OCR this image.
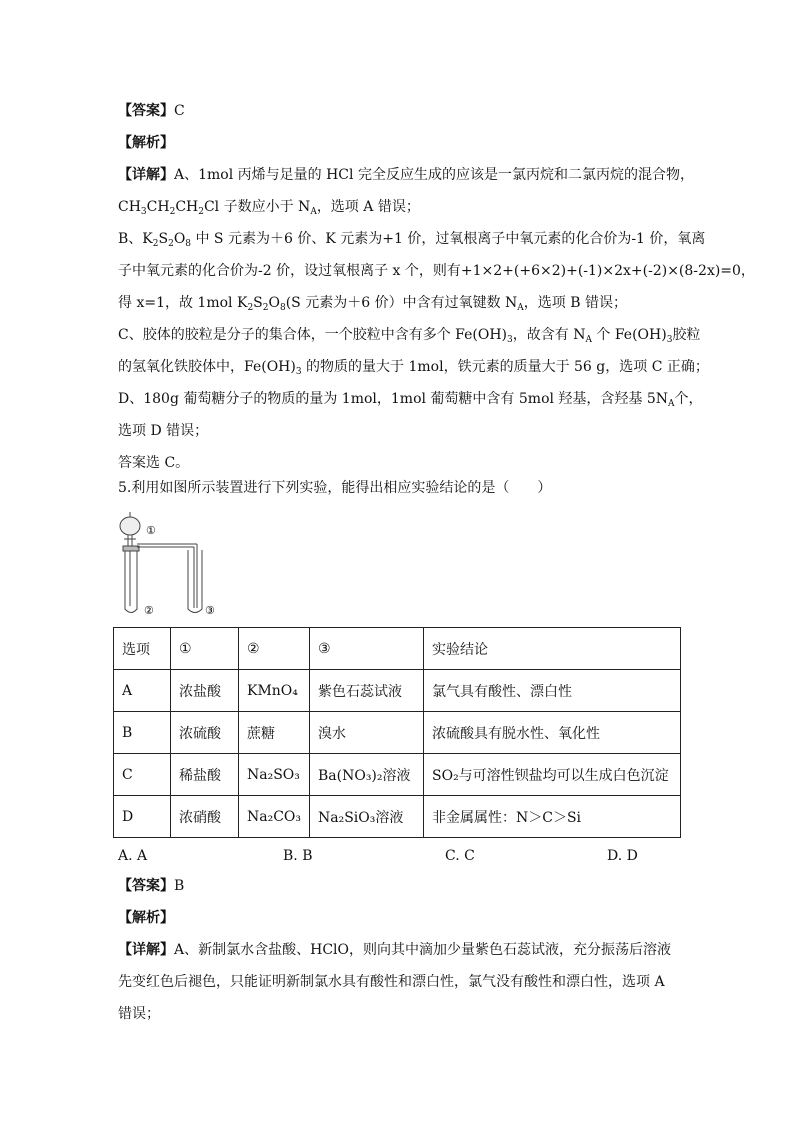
【答案】C
【解析】
【详解】A、1mol 丙烯与足量的 HCl 完全反应生成的应该是一氯丙烷和二氯丙烷的混合物，
$CH_3CH_2CH_2Cl$ 子数应小于 $N_A$，选项 A 错误；
B、$K_2S_2O_8$ 中 S 元素为＋6 价、K 元素为+1 价，过氧根离子中氧元素的化合价为-1 价，氧离
子中氧元素的化合价为-2 价，设过氧根离子 x 个，则有+1×2+(+6×2)+(-1)×2x+(-2)×(8-2x)=0，
得 x=1，故 1mol $K_2S_2O_8(S$ 元素为＋6 价）中含有过氧键数 $N_A$，选项 B 错误；
C、胶体的胶粒是分子的集合体，一个胶粒中含有多个 $Fe(OH)_3$，故含有 $N_A$ 个 $Fe(OH)_3$胶粒
的氢氧化铁胶体中，$Fe(OH)_3$ 的物质的量大于 1mol，铁元素的质量大于 56 g，选项 C 正确；
D、180g 葡萄糖分子的物质的量为 1mol，1mol 葡萄糖中含有 5mol 羟基，含羟基 $5N_A$个，
选项 D 错误；
答案选 C。
5.利用如图所示装置进行下列实验，能得出相应实验结论的是（　　）
①
②	③
选项	①	②	③	实验结论
A	浓盐酸	KMnO₄	紫色石蕊试液	氯气具有酸性、漂白性
B	浓硫酸	蔗糖	溴水	浓硫酸具有脱水性、氧化性
C	稀盐酸	Na₂SO₃	Ba(NO₃)₂溶液	SO₂与可溶性钡盐均可以生成白色沉淀
D	浓硝酸	Na₂CO₃	Na₂SiO₃溶液	非金属属性：N＞C＞Si
A. A	B. B	C. C	D. D
【答案】B
【解析】
【详解】A、新制氯水含盐酸、HClO，则向其中滴加少量紫色石蕊试液，充分振荡后溶液
先变红色后褪色，只能证明新制氯水具有酸性和漂白性，氯气没有酸性和漂白性，选项 A
错误；
